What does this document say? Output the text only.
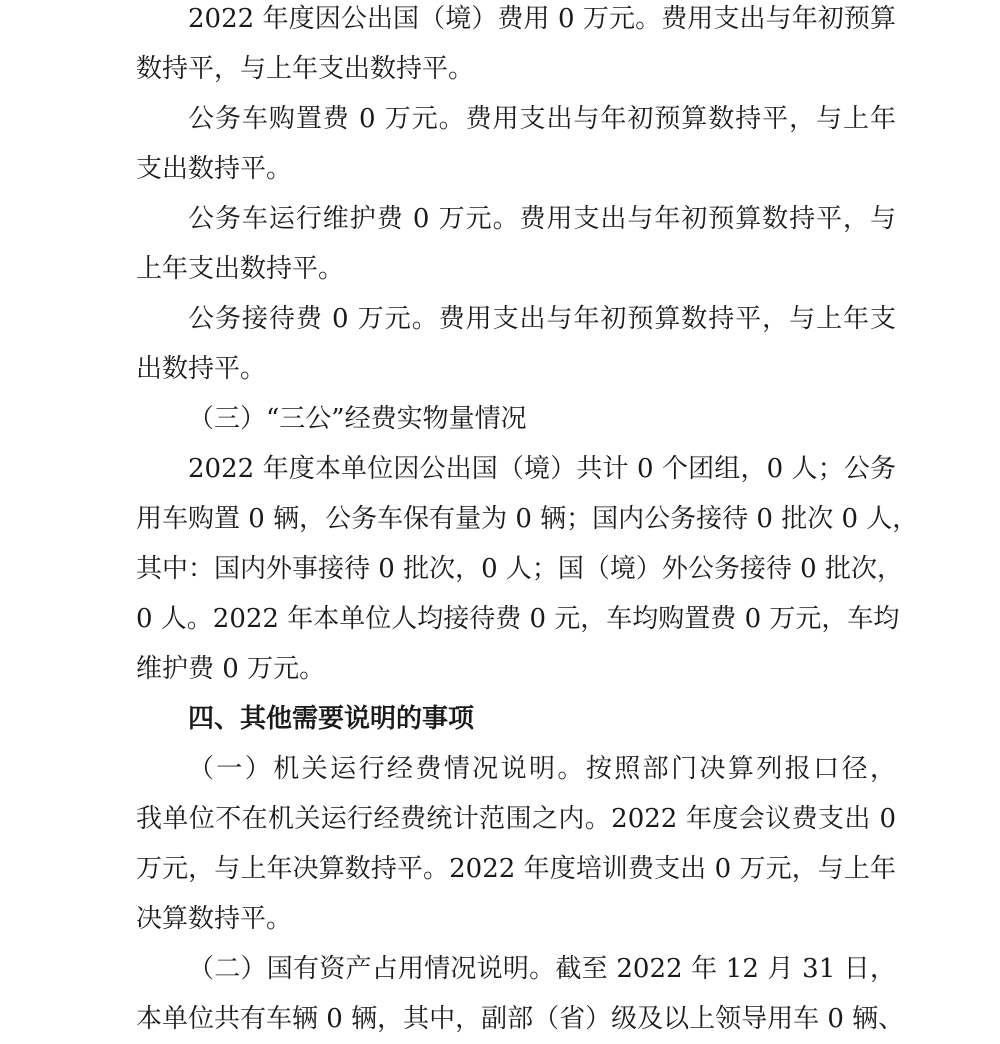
2022 年度因公出国（境）费用 0 万元。费用支出与年初预算
数持平，与上年支出数持平。
公务车购置费 0 万元。费用支出与年初预算数持平，与上年
支出数持平。
公务车运行维护费 0 万元。费用支出与年初预算数持平，与
上年支出数持平。
公务接待费 0 万元。费用支出与年初预算数持平，与上年支
出数持平。
（三）“三公”经费实物量情况
2022 年度本单位因公出国（境）共计 0 个团组，0 人；公务
用车购置 0 辆，公务车保有量为 0 辆；国内公务接待 0 批次 0 人，
其中：国内外事接待 0 批次，0 人；国（境）外公务接待 0 批次，
0 人。2022 年本单位人均接待费 0 元，车均购置费 0 万元，车均
维护费 0 万元。
四、其他需要说明的事项
（一）机关运行经费情况说明。按照部门决算列报口径，
我单位不在机关运行经费统计范围之内。2022 年度会议费支出 0
万元，与上年决算数持平。2022 年度培训费支出 0 万元，与上年
决算数持平。
（二）国有资产占用情况说明。截至 2022 年 12 月 31 日，
本单位共有车辆 0 辆，其中，副部（省）级及以上领导用车 0 辆、
